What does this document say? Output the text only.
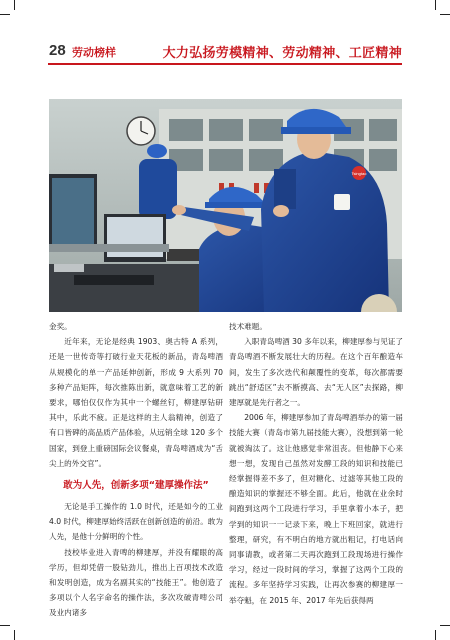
28 劳动榜样	大力弘扬劳模精神、劳动精神、工匠精神
Tsingtao

金奖。

近年来，无论是经典 1903、奥古特 A 系列，还是一世传奇等打破行业天花板的新品，青岛啤酒从规模化的单一产品延伸创新，形成 9 大系列 70 多种产品矩阵，每次推陈出新，就意味着工艺的新要求，哪怕仅仅作为其中一个螺丝钉，柳建厚钻研其中，乐此不疲。正是这样的主人翁精神，创造了有口皆碑的高品质产品体验，从远销全球 120 多个国家，到登上重磅国际会议餐桌，青岛啤酒成为“舌尖上的外交官”。

敢为人先，创新多项“建厚操作法”

无论是手工操作的 1.0 时代，还是如今的工业 4.0 时代，柳建厚始终活跃在创新创造的前沿。敢为人先，是他十分鲜明的个性。

技校毕业进入青啤的柳建厚，并没有耀眼的高学历，但却凭借一股钻劲儿，推出上百项技术改造和发明创造，成为名副其实的“技能王”。他创造了多项以个人名字命名的操作法，多次攻破青啤公司及业内诸多

技术难题。

入职青岛啤酒 30 多年以来，柳建厚参与见证了青岛啤酒不断发展壮大的历程。在这个百年酿造车间，发生了多次迭代和颠覆性的变革，每次都需要跳出“舒适区”去不断摸高、去“无人区”去探路，柳建厚就是先行者之一。

2006 年，柳建厚参加了青岛啤酒举办的第一届技能大赛（青岛市第九届技能大赛），没想到第一轮就被淘汰了。这让他感觉非常沮丧。但他静下心来想一想，发现自己虽然对发酵工段的知识和技能已经掌握得差不多了，但对糖化、过滤等其他工段的酿造知识的掌握还不够全面。此后，他就在业余时间跑到这两个工段进行学习，手里拿着小本子，把学到的知识一一记录下来，晚上下班回家，就进行整理，研究，有不明白的地方就出粗记，打电话向同事请教，或者第二天再次跑到工段现场进行操作学习，经过一段时间的学习，掌握了这两个工段的流程。多年坚持学习实践，让再次参赛的柳建厚一举夺魁，在 2015 年、2017 年先后获得两
